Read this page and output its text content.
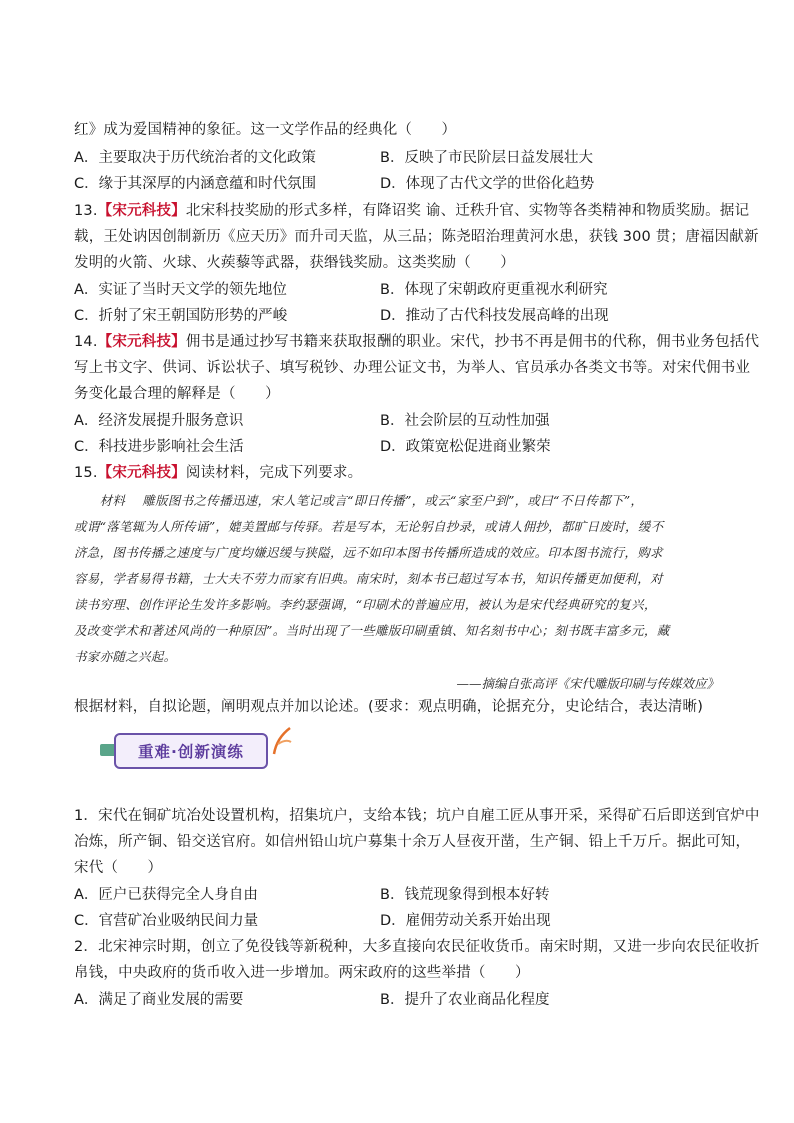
红》成为爱国精神的象征。这一文学作品的经典化（　　）
A．主要取决于历代统治者的文化政策	B．反映了市民阶层日益发展壮大
C．缘于其深厚的内涵意蕴和时代氛围	D．体现了古代文学的世俗化趋势
13.【宋元科技】北宋科技奖励的形式多样，有降诏奖 谕、迁秩升官、实物等各类精神和物质奖励。据记
载，王处讷因创制新历《应天历》而升司天监，从三品；陈尧昭治理黄河水患，获钱 300 贯；唐福因献新
发明的火箭、火球、火蒺藜等武器，获缗钱奖励。这类奖励（　　）
A．实证了当时天文学的领先地位	B．体现了宋朝政府更重视水利研究
C．折射了宋王朝国防形势的严峻	D．推动了古代科技发展高峰的出现
14.【宋元科技】佣书是通过抄写书籍来获取报酬的职业。宋代，抄书不再是佣书的代称，佣书业务包括代
写上书文字、供词、诉讼状子、填写税钞、办理公证文书，为举人、官员承办各类文书等。对宋代佣书业
务变化最合理的解释是（　　）
A．经济发展提升服务意识	B．社会阶层的互动性加强
C．科技进步影响社会生活	D．政策宽松促进商业繁荣
15.【宋元科技】阅读材料，完成下列要求。
　　材料　 雕版图书之传播迅速，宋人笔记或言“即日传播”，或云“家至户到”，或曰“不日传都下”，
或谓“落笔辄为人所传诵”，媲美置邮与传驿。若是写本，无论躬自抄录，或请人佣抄，都旷日废时，缓不
济急，图书传播之速度与广度均嫌迟缓与狭隘，远不如印本图书传播所造成的效应。印本图书流行，购求
容易，学者易得书籍，士大夫不劳力而家有旧典。南宋时，刻本书已超过写本书，知识传播更加便利，对
读书穷理、创作评论生发许多影响。李约瑟强调，“印刷术的普遍应用，被认为是宋代经典研究的复兴，
及改变学术和著述风尚的一种原因”。当时出现了一些雕版印刷重镇、知名刻书中心；刻书既丰富多元，藏
书家亦随之兴起。
——摘编自张高评《宋代雕版印刷与传媒效应》
根据材料，自拟论题，阐明观点并加以论述。(要求：观点明确，论据充分，史论结合，表达清晰)
重难·创新演练
1．宋代在铜矿坑冶处设置机构，招集坑户，支给本钱；坑户自雇工匠从事开采，采得矿石后即送到官炉中
冶炼，所产铜、铅交送官府。如信州铅山坑户募集十余万人昼夜开凿，生产铜、铅上千万斤。据此可知，
宋代（　　）
A．匠户已获得完全人身自由	B．钱荒现象得到根本好转
C．官营矿冶业吸纳民间力量	D．雇佣劳动关系开始出现
2．北宋神宗时期，创立了免役钱等新税种，大多直接向农民征收货币。南宋时期，又进一步向农民征收折
帛钱，中央政府的货币收入进一步增加。两宋政府的这些举措（　　）
A．满足了商业发展的需要	B．提升了农业商品化程度
